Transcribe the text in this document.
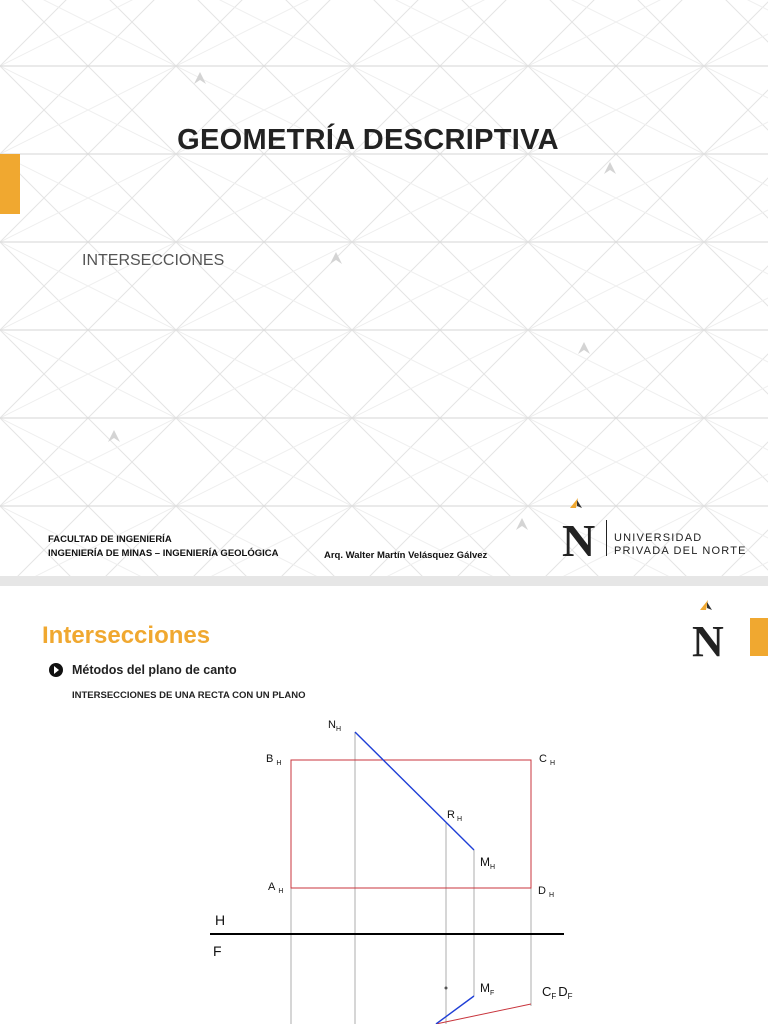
GEOMETRÍA DESCRIPTIVA
INTERSECCIONES
FACULTAD DE INGENIERÍA
INGENIERÍA DE MINAS – INGENIERÍA GEOLÓGICA	Arq. Walter Martín Velásquez Gálvez N UNIVERSIDAD
PRIVADA DEL NORTE
Intersecciones	N
Métodos del plano de canto
INTERSECCIONES DE UNA RECTA CON UN PLANO
$N_H$
B $_H$	C $_H$
R $_H$
$M_H$
A $_H$	D $_H$
H
F
$M_F$	$C_F$ $D_F$
